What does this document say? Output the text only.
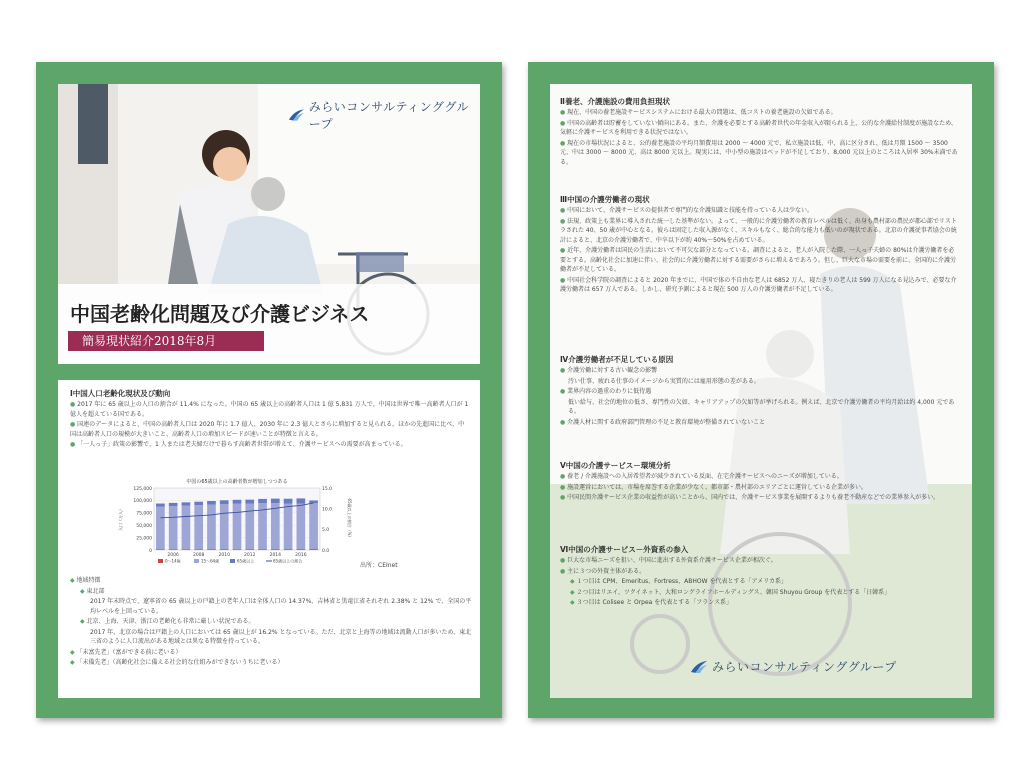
みらいコンサルティンググループ
中国老齢化問題及び介護ビジネス
簡易現状紹介2018年8月
Ⅰ中国人口老齢化現状及び動向

● 2017 年に 65 歳以上の人口の割合が 11.4% になった。中国の 65 歳以上の高齢者人口は 1 億 5,831 万人で、中国は世界で唯一高齢者人口が 1 億人を超えている国である。

● 国連のデータによると、中国の高齢者人口は 2020 年に 1.7 億人、2030 年に 2.3 億人とさらに増加すると見られる。ほかの先進国に比べ、中国は高齢者人口の規模が大きいこと、高齢者人口の増加スピードが速いことが特徴と言える。

● 「一人っ子」政策の影響で、1 人または老夫婦だけで暮らす高齢者世帯が増えて、介護サービスへの需要が高まっている。

中国の65歳以上の高齢者数が増加しつつある
125,000
100,000
75,000
50,000
25,000
0
15.0
10.0
5.0
0.0
2006	2008	2010	2012	2014	2016
人口（万人）	65歳以上の割合（%）
0～14歳	15～64歳	65歳以上	65歳以上の割合
出所：CEInet

◆ 地域特徴

◆ 東北部

2017 年末時点で、遼寧省の 65 歳以上の戸籍上の老年人口は全体人口の 14.37%、吉林省と黒竜江省それぞれ 2.38% と 12% で、全国の平均レベルを上回っている。

◆ 北京、上海、天津、浙江の老齢化も非常に厳しい状況である。

2017 年、北京の場合は戸籍上の人口においては 65 歳以上が 16.2% となっている。ただ、北京と上海等の地域は流動人口が多いため、東北三省のように人口流出がある地域とは異なる特徴を持っている。

◆ 「未富先老」（富ができる前に老いる）

◆ 「未備先老」（高齢化社会に備える社会的な仕組みができないうちに老いる）	みらいコンサルティンググループ
Ⅱ養老、介護施設の費用負担現状

● 現在、中国の養老施設サービスシステムにおける最大の問題は、低コストの養老施設の欠如である。

● 中国の高齢者は貯蓄をしていない傾向にある。また、介護を必要とする高齢者世代の年金収入が限られる上、公的な介護給付制度が施設なため、気軽に介護サービスを利用できる状況ではない。

● 現在の市場状況によると、公的養老施設の平均月額費用は 2000 ～ 4000 元で、私立施設は低、中、高に区分され、低は月額 1500 ～ 3500 元、中は 3000 ～ 8000 元、高は 8000 元以上。現実には、中小型の施設はベッドが不足しており、8,000 元以上のところは入居率 30%未満である。

Ⅲ中国の介護労働者の現状

● 中国において、介護サービスの提供者で専門的な介護知識と技能を持っている人は少ない。

● 法規、政策上も業界に導入された統一した基準がない。よって、一般的に介護労働者の教育レベルは低く、出身も農村部の農民が都心部でリストラされた 40、50 歳が中心となる。彼らは固定した収入源がなく、スキルもなく、総合的な能力も低いのが現状である。北京の介護従事者協会の統計によると、北京の介護労働者で、中卒以下が約 40%～50%を占めている。

● 近年、介護労働者は国民の生活において不可欠な部分となっている。調査によると、老人が入院した際、一人っ子夫婦の 80%は介護労働者を必要とする。高齢化社会に加速に伴い、社会的に介護労働者に対する需要がさらに増えるであろう。但し、巨大な市場の需要を前に、全国的に介護労働者が不足している。

● 中国社会科学院の調査によると 2020 年までに、中国で体の不自由な老人は 6852 万人、寝たきりの老人は 599 万人になる見込みで、必要な介護労働者は 657 万人である。しかし、研究予測によると現在 500 万人の介護労働者が不足している。

Ⅳ介護労働者が不足している原因

● 介護労働に対する古い観念の影響

汚い仕事、疲れる仕事のイメージから実質的には雇用形態の差がある。

● 業界内容の過重のわりに低待遇

低い給与、社会的地位の低さ、専門性の欠如、キャリアアップの欠如等が挙げられる。例えば、北京で介護労働者の平均月給は約 4,000 元である。

● 介護人材に関する政府部門管理の不足と教育環境が整備されていないこと

Ⅴ中国の介護サービス－環境分析

● 養老 / 介護施設への入居希望者が減少されている反面、在宅介護サービスへのニーズが増加している。

● 施設運営においては、市場を席巻する企業が少なく、都市部・農村部のエリアごとに運営している企業が多い。

● 中国民間介護サービス企業の収益性が高いことから、国内では、介護サービス事業を展開するよりも養老不動産などでの業界参入が多い。

Ⅵ中国の介護サービス－外資系の参入

● 巨大な市場ニーズを狙い、中国に進出する外資系介護サービス企業が相次ぐ。

● 主に３つの外資主体がある。

◆ １つ目は CPM、Emeritus、Fortress、ABHOW を代表とする「アメリカ系」

◆ ２つ目はリエイ、ツクイネット、大和ロングライフホールディングス、韓国 Shuyou Group を代表とする「日韓系」

◆ ３つ目は Colisee と Orpea を代表とする「フランス系」
